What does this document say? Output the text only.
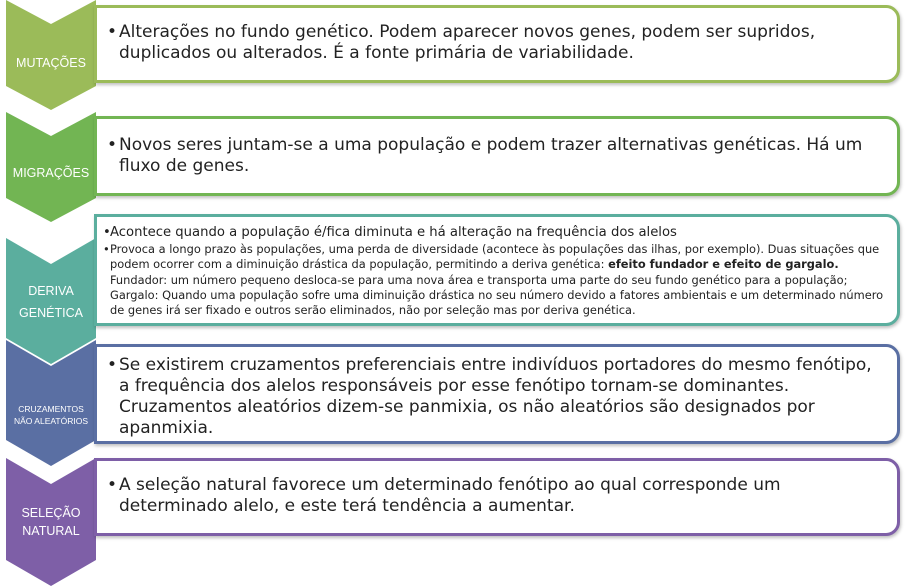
MUTAÇÕES
• Alterações no fundo genético. Podem aparecer novos genes, podem ser supridos, duplicados ou alterados. É a fonte primária de variabilidade.
MIGRAÇÕES
• Novos seres juntam-se a uma população e podem trazer alternativas genéticas. Há um fluxo de genes.
DERIVA
GENÉTICA
• Acontece quando a população é/fica diminuta e há alteração na frequência dos alelos
• Provoca a longo prazo às populações, uma perda de diversidade (acontece às populações das ilhas, por exemplo). Duas situações que podem ocorrer com a diminuição drástica da população, permitindo a deriva genética: efeito fundador e efeito de gargalo. Fundador: um número pequeno desloca-se para uma nova área e transporta uma parte do seu fundo genético para a população; Gargalo: Quando uma população sofre uma diminuição drástica no seu número devido a fatores ambientais e um determinado número de genes irá ser fixado e outros serão eliminados, não por seleção mas por deriva genética.
CRUZAMENTOS
NÃO ALEATÓRIOS
• Se existirem cruzamentos preferenciais entre indivíduos portadores do mesmo fenótipo, a frequência dos alelos responsáveis por esse fenótipo tornam-se dominantes. Cruzamentos aleatórios dizem-se panmixia, os não aleatórios são designados por apanmixia.
SELEÇÃO
NATURAL
• A seleção natural favorece um determinado fenótipo ao qual corresponde um determinado alelo, e este terá tendência a aumentar.
